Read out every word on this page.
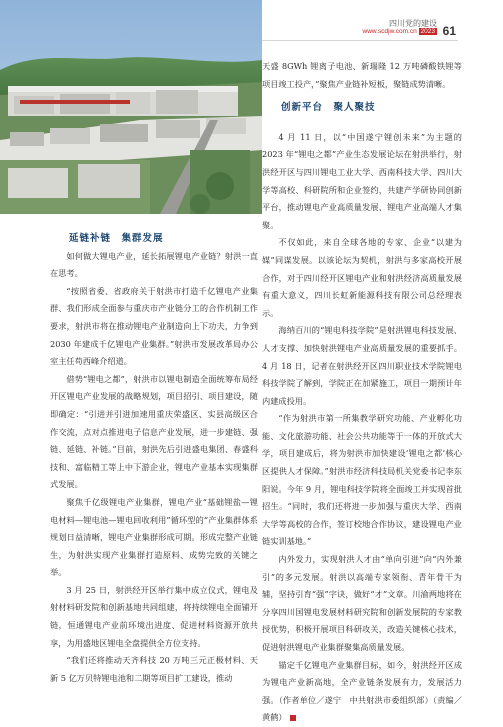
四川党的建设
www.scdjw.com.cn 2023 61

延链补链　集群发展

如何做大锂电产业，延长拓展锂电产业链？射洪一直在思考。

“按照省委、省政府关于射洪市打造千亿锂电产业集群、我们形成全面参与重庆市产业链分工的合作机制工作要求，射洪市将在推动锂电产业制造向上下功夫，力争到 2030 年建成千亿锂电产业集群。”射洪市发展改革局办公室主任苟西峰介绍道。

借势“锂电之都”，射洪市以锂电制造全面统筹布局经开区锂电产业发展的战略规划，项目招引、项目建设，随即确定：“引进并引进加速用重庆荣盛区、实县高级区合作交流，点对点推进电子信息产业发展，进一步建链、强链、延链、补链。”目前，射洪先后引进盛电集团、春盛科技和、富临精工等上中下游企业，锂电产业基本实现集群式发展。

聚焦千亿级锂电产业集群，锂电产业“基础锂盐—锂电材料—锂电池—锂电回收利用”循环型的“产业集群体系规划日益清晰，锂电产业集群形成可期。形成完整产业链生，为射洪实现产业集群打造原料、成势完致的关键之举。

3 月 25 日，射洪经开区举行集中成立仪式，锂电及射材料研发院和创新基地共同组建，将持续锂电全面铺开链，恒通锂电产业前环境出进度、促进材料资源开放共享，为用盛地区锂电全盘提供全方位支持。

“我们还将推动天齐科技 20 万吨三元正极材料、天新 5 亿万贝特锂电池和二期等项目扩工建设，推动

天盛 8GWh 锂离子电池、新瑞隆 12 万吨磷酸铁锂等项目竣工投产，”聚焦产业链补短板，聚链成势清晰。

创新平台　聚人聚技

4 月 11 日，以“中国遂宁锂创未来”为主题的 2023 年“锂电之都”产业生态发展论坛在射洪举行，射洪经开区与四川锂电工业大学、西南科技大学、四川大学等高校、科研院所和企业签约，共建产学研协同创新平台，推动锂电产业高质量发展、锂电产业高端人才集聚。

不仅如此，来自全球各地的专家、企业“以建为媒”同谋发展。以该论坛为契机，射洪与多家高校开展合作，对于四川经开区锂电产业和射洪经济高质量发展有重大意义，四川长虹新能源科技有限公司总经理表示。

海纳百川的“锂电科技学院”是射洪锂电科技发展、人才支撑、加快射洪锂电产业高质量发展的重要抓手。4 月 18 日，记者在射洪经开区四川职业技术学院锂电科技学院了解到，学院正在加紧施工，项目一期预计年内建成投用。

“作为射洪市第一所集教学研究功能、产业孵化功能、文化旅游功能、社会公共功能等于一体的开放式大学，项目建成后，将为射洪市加快建设‘锂电之都’核心区提供人才保障。”射洪市经济科技局机关党委书记李东阳说。今年 9 月，锂电科技学院将全面竣工并实现首批招生。“同时，我们还将进一步加强与重庆大学、西南大学等高校的合作，签订校地合作协议，建设锂电产业链实训基地。”

内外发力，实现射洪人才由“单向引进”向“内外兼引”的多元发展。射洪以高端专家领衔、青年骨干为辅，坚持引育“强”字诀，做好“才”文章。川渝两地将在分享四川国锂电发展材料研究院和创新发展院的专家教授优势，积极开展项目科研攻关，改造关键核心技术，促进射洪锂电产业集群聚集高质量发展。

锚定千亿锂电产业集群目标，如今，射洪经开区成为锂电产业新高地，全产业链条发展有力，发展活力强。（作者单位／遂宁　中共射洪市委组织部）（责编／黄鹤）
